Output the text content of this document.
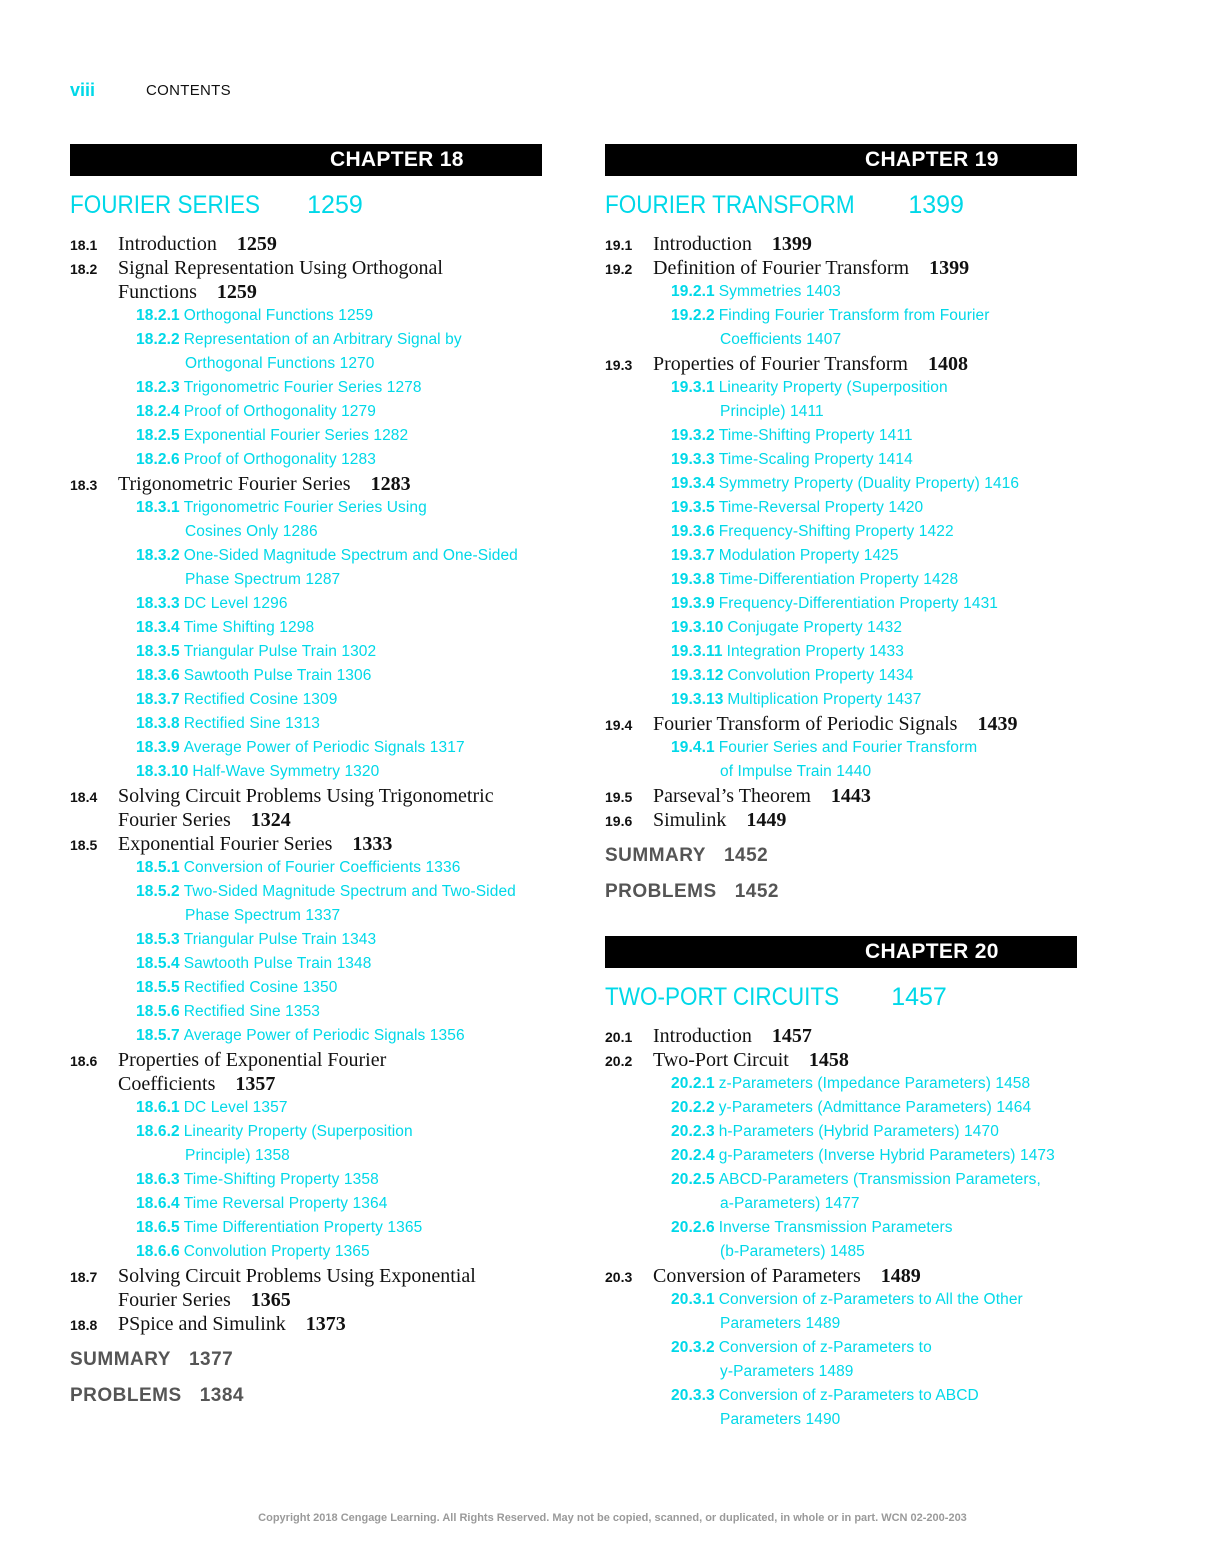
viii	CONTENTS
CHAPTER 18
FOURIER SERIES 1259
18.1 Introduction 1259
18.2 Signal Representation Using Orthogonal
Functions 1259
18.2.1 Orthogonal Functions 1259
18.2.2 Representation of an Arbitrary Signal by
Orthogonal Functions 1270
18.2.3 Trigonometric Fourier Series 1278
18.2.4 Proof of Orthogonality 1279
18.2.5 Exponential Fourier Series 1282
18.2.6 Proof of Orthogonality 1283
18.3 Trigonometric Fourier Series 1283
18.3.1 Trigonometric Fourier Series Using
Cosines Only 1286
18.3.2 One-Sided Magnitude Spectrum and One-Sided
Phase Spectrum 1287
18.3.3 DC Level 1296
18.3.4 Time Shifting 1298
18.3.5 Triangular Pulse Train 1302
18.3.6 Sawtooth Pulse Train 1306
18.3.7 Rectified Cosine 1309
18.3.8 Rectified Sine 1313
18.3.9 Average Power of Periodic Signals 1317
18.3.10 Half-Wave Symmetry 1320
18.4 Solving Circuit Problems Using Trigonometric
Fourier Series 1324
18.5 Exponential Fourier Series 1333
18.5.1 Conversion of Fourier Coefficients 1336
18.5.2 Two-Sided Magnitude Spectrum and Two-Sided
Phase Spectrum 1337
18.5.3 Triangular Pulse Train 1343
18.5.4 Sawtooth Pulse Train 1348
18.5.5 Rectified Cosine 1350
18.5.6 Rectified Sine 1353
18.5.7 Average Power of Periodic Signals 1356
18.6 Properties of Exponential Fourier
Coefficients 1357
18.6.1 DC Level 1357
18.6.2 Linearity Property (Superposition
Principle) 1358
18.6.3 Time-Shifting Property 1358
18.6.4 Time Reversal Property 1364
18.6.5 Time Differentiation Property 1365
18.6.6 Convolution Property 1365
18.7 Solving Circuit Problems Using Exponential
Fourier Series 1365
18.8 PSpice and Simulink 1373
SUMMARY 1377
PROBLEMS 1384
CHAPTER 19
FOURIER TRANSFORM 1399
19.1 Introduction 1399
19.2 Definition of Fourier Transform 1399
19.2.1 Symmetries 1403
19.2.2 Finding Fourier Transform from Fourier
Coefficients 1407
19.3 Properties of Fourier Transform 1408
19.3.1 Linearity Property (Superposition
Principle) 1411
19.3.2 Time-Shifting Property 1411
19.3.3 Time-Scaling Property 1414
19.3.4 Symmetry Property (Duality Property) 1416
19.3.5 Time-Reversal Property 1420
19.3.6 Frequency-Shifting Property 1422
19.3.7 Modulation Property 1425
19.3.8 Time-Differentiation Property 1428
19.3.9 Frequency-Differentiation Property 1431
19.3.10 Conjugate Property 1432
19.3.11 Integration Property 1433
19.3.12 Convolution Property 1434
19.3.13 Multiplication Property 1437
19.4 Fourier Transform of Periodic Signals 1439
19.4.1 Fourier Series and Fourier Transform
of Impulse Train 1440
19.5 Parseval’s Theorem 1443
19.6 Simulink 1449
SUMMARY 1452
PROBLEMS 1452
CHAPTER 20
TWO-PORT CIRCUITS 1457
20.1 Introduction 1457
20.2 Two-Port Circuit 1458
20.2.1 z-Parameters (Impedance Parameters) 1458
20.2.2 y-Parameters (Admittance Parameters) 1464
20.2.3 h-Parameters (Hybrid Parameters) 1470
20.2.4 g-Parameters (Inverse Hybrid Parameters) 1473
20.2.5 ABCD-Parameters (Transmission Parameters,
a-Parameters) 1477
20.2.6 Inverse Transmission Parameters
(b-Parameters) 1485
20.3 Conversion of Parameters 1489
20.3.1 Conversion of z-Parameters to All the Other
Parameters 1489
20.3.2 Conversion of z-Parameters to
y-Parameters 1489
20.3.3 Conversion of z-Parameters to ABCD
Parameters 1490
Copyright 2018 Cengage Learning. All Rights Reserved. May not be copied, scanned, or duplicated, in whole or in part. WCN 02-200-203
